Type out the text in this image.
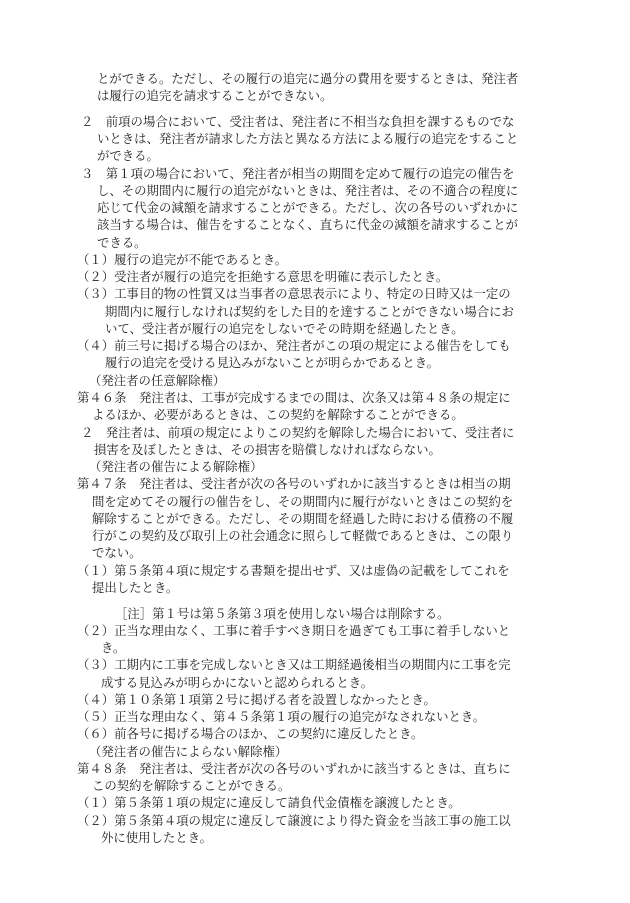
とができる。ただし、その履行の追完に過分の費用を要するときは、発注者
は履行の追完を請求することができない。
２　前項の場合において、受注者は、発注者に不相当な負担を課するものでな
いときは、発注者が請求した方法と異なる方法による履行の追完をすること
ができる。
３　第１項の場合において、発注者が相当の期間を定めて履行の追完の催告を
し、その期間内に履行の追完がないときは、発注者は、その不適合の程度に
応じて代金の減額を請求することができる。ただし、次の各号のいずれかに
該当する場合は、催告をすることなく、直ちに代金の減額を請求することが
できる。
（１）履行の追完が不能であるとき。
（２）受注者が履行の追完を拒絶する意思を明確に表示したとき。
（３）工事目的物の性質又は当事者の意思表示により、特定の日時又は一定の
期間内に履行しなければ契約をした目的を達することができない場合にお
いて、受注者が履行の追完をしないでその時期を経過したとき。
（４）前三号に掲げる場合のほか、発注者がこの項の規定による催告をしても
履行の追完を受ける見込みがないことが明らかであるとき。
（発注者の任意解除権）
第４６条　発注者は、工事が完成するまでの間は、次条又は第４８条の規定に
よるほか、必要があるときは、この契約を解除することができる。
２　発注者は、前項の規定によりこの契約を解除した場合において、受注者に
損害を及ぼしたときは、その損害を賠償しなければならない。
（発注者の催告による解除権）
第４７条　発注者は、受注者が次の各号のいずれかに該当するときは相当の期
間を定めてその履行の催告をし、その期間内に履行がないときはこの契約を
解除することができる。ただし、その期間を経過した時における債務の不履
行がこの契約及び取引上の社会通念に照らして軽微であるときは、この限り
でない。
（１）第５条第４項に規定する書類を提出せず、又は虚偽の記載をしてこれを
提出したとき。
［注］第１号は第５条第３項を使用しない場合は削除する。
（２）正当な理由なく、工事に着手すべき期日を過ぎても工事に着手しないと
き。
（３）工期内に工事を完成しないとき又は工期経過後相当の期間内に工事を完
成する見込みが明らかにないと認められるとき。
（４）第１０条第１項第２号に掲げる者を設置しなかったとき。
（５）正当な理由なく、第４５条第１項の履行の追完がなされないとき。
（６）前各号に掲げる場合のほか、この契約に違反したとき。
（発注者の催告によらない解除権）
第４８条　発注者は、受注者が次の各号のいずれかに該当するときは、直ちに
この契約を解除することができる。
（１）第５条第１項の規定に違反して請負代金債権を譲渡したとき。
（２）第５条第４項の規定に違反して譲渡により得た資金を当該工事の施工以
外に使用したとき。
